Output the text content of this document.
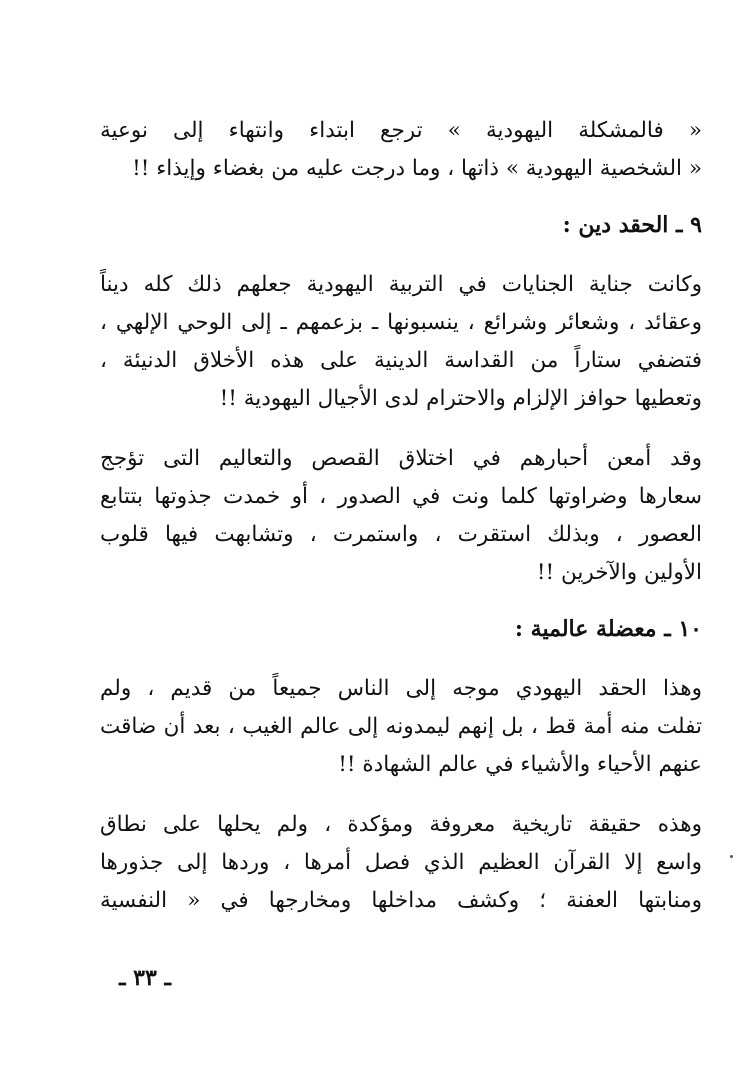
« فالمشكلة اليهودية » ترجع ابتداء وانتهاء إلى نوعية
« الشخصية اليهودية » ذاتها ، وما درجت عليه من بغضاء وإيذاء !!
٩ ـ الحقد دين :
وكانت جناية الجنايات في التربية اليهودية جعلهم ذلك كله ديناً
وعقائد ، وشعائر وشرائع ، ينسبونها ـ بزعمهم ـ إلى الوحي الإلهي ،
فتضفي ستاراً من القداسة الدينية على هذه الأخلاق الدنيئة ،
وتعطيها حوافز الإلزام والاحترام لدى الأجيال اليهودية !!
وقد أمعن أحبارهم في اختلاق القصص والتعاليم التى تؤجج
سعارها وضراوتها كلما ونت في الصدور ، أو خمدت جذوتها بتتابع
العصور ، وبذلك استقرت ، واستمرت ، وتشابهت فيها قلوب
الأولين والآخرين !!
١٠ ـ معضلة عالمية :
وهذا الحقد اليهودي موجه إلى الناس جميعاً من قديم ، ولم
تفلت منه أمة قط ، بل إنهم ليمدونه إلى عالم الغيب ، بعد أن ضاقت
عنهم الأحياء والأشياء في عالم الشهادة !!
وهذه حقيقة تاريخية معروفة ومؤكدة ، ولم يحلها على نطاق
واسع إلا القرآن العظيم الذي فصل أمرها ، وردها إلى جذورها
ومنابتها العفنة ؛ وكشف مداخلها ومخارجها في « النفسية
ـ ٣٣ ـ
